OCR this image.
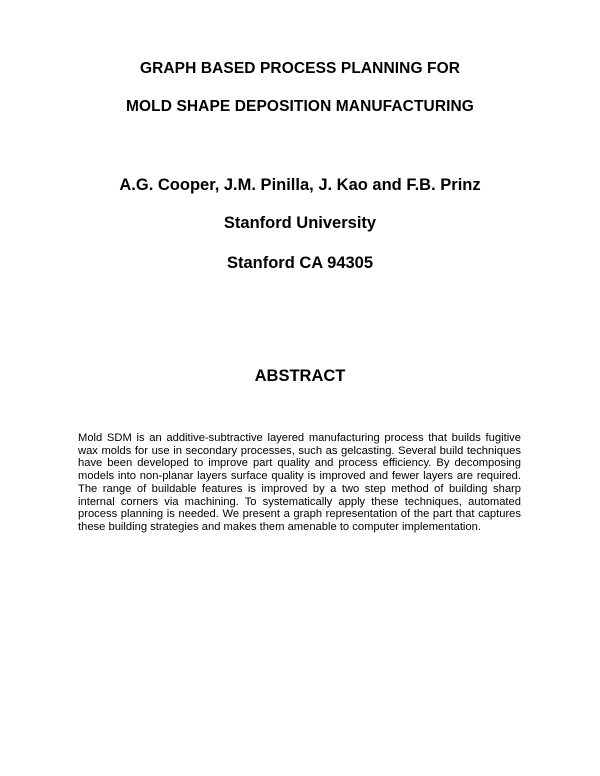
GRAPH BASED PROCESS PLANNING FOR
MOLD SHAPE DEPOSITION MANUFACTURING
A.G. Cooper, J.M. Pinilla, J. Kao and F.B. Prinz
Stanford University
Stanford CA 94305
ABSTRACT

Mold SDM is an additive-subtractive layered manufacturing process that builds fugitive wax molds for use in secondary processes, such as gelcasting. Several build techniques have been developed to improve part quality and process efficiency. By decomposing models into non-planar layers surface quality is improved and fewer layers are required. The range of buildable features is improved by a two step method of building sharp internal corners via machining. To systematically apply these techniques, automated process planning is needed. We present a graph representation of the part that captures these building strategies and makes them amenable to computer implementation.
